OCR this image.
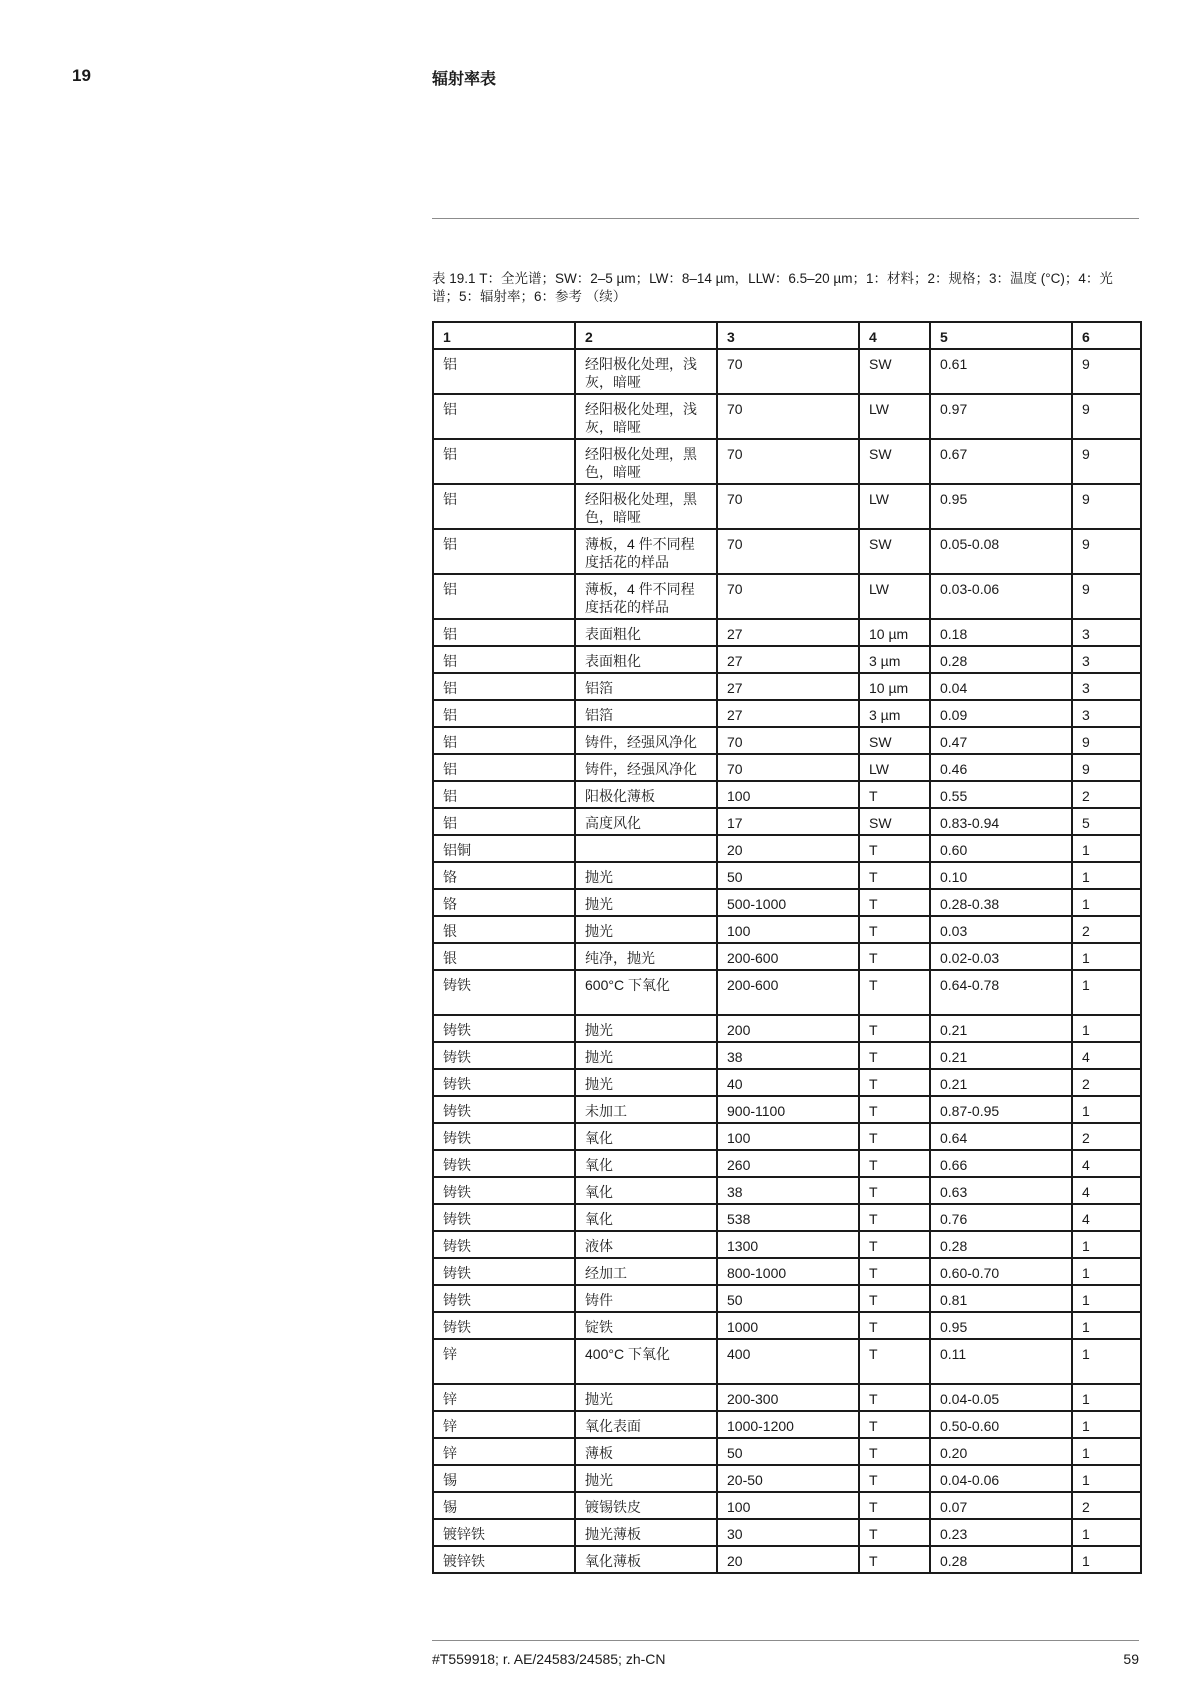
19	辐射率表
表 19.1 T：全光谱；SW：2–5 µm；LW：8–14 µm，LLW：6.5–20 µm；1：材料；2：规格；3：温度 (°C)；4：光谱；5：辐射率；6：参考 （续）
1	2	3	4	5	6
铝	经阳极化处理，浅灰，暗哑	70	SW	0.61	9
铝	经阳极化处理，浅灰，暗哑	70	LW	0.97	9
铝	经阳极化处理，黑色，暗哑	70	SW	0.67	9
铝	经阳极化处理，黑色，暗哑	70	LW	0.95	9
铝	薄板，4 件不同程度括花的样品	70	SW	0.05-0.08	9
铝	薄板，4 件不同程度括花的样品	70	LW	0.03-0.06	9
铝	表面粗化	27	10 µm	0.18	3
铝	表面粗化	27	3 µm	0.28	3
铝	铝箔	27	10 µm	0.04	3
铝	铝箔	27	3 µm	0.09	3
铝	铸件，经强风净化	70	SW	0.47	9
铝	铸件，经强风净化	70	LW	0.46	9
铝	阳极化薄板	100	T	0.55	2
铝	高度风化	17	SW	0.83-0.94	5
铝铜		20	T	0.60	1
铬	抛光	50	T	0.10	1
铬	抛光	500-1000	T	0.28-0.38	1
银	抛光	100	T	0.03	2
银	纯净，抛光	200-600	T	0.02-0.03	1
铸铁	600°C 下氧化	200-600	T	0.64-0.78	1
铸铁	抛光	200	T	0.21	1
铸铁	抛光	38	T	0.21	4
铸铁	抛光	40	T	0.21	2
铸铁	未加工	900-1100	T	0.87-0.95	1
铸铁	氧化	100	T	0.64	2
铸铁	氧化	260	T	0.66	4
铸铁	氧化	38	T	0.63	4
铸铁	氧化	538	T	0.76	4
铸铁	液体	1300	T	0.28	1
铸铁	经加工	800-1000	T	0.60-0.70	1
铸铁	铸件	50	T	0.81	1
铸铁	锭铁	1000	T	0.95	1
锌	400°C 下氧化	400	T	0.11	1
锌	抛光	200-300	T	0.04-0.05	1
锌	氧化表面	1000-1200	T	0.50-0.60	1
锌	薄板	50	T	0.20	1
锡	抛光	20-50	T	0.04-0.06	1
锡	镀锡铁皮	100	T	0.07	2
镀锌铁	抛光薄板	30	T	0.23	1
镀锌铁	氧化薄板	20	T	0.28	1
#T559918; r. AE/24583/24585; zh-CN	59
